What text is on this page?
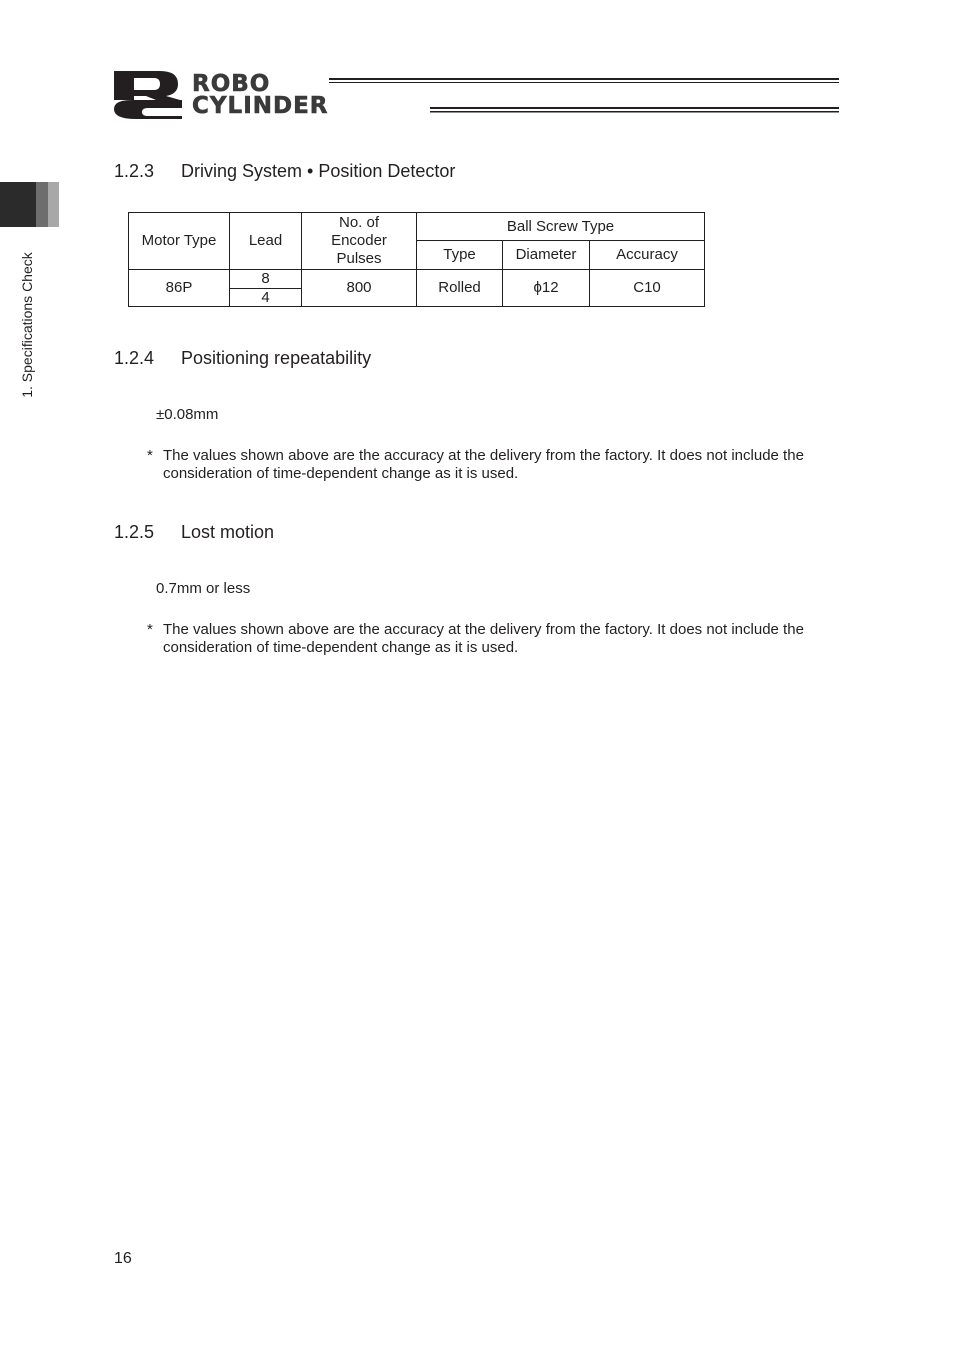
ROBO
CYLINDER
1. Specifications Check
1.2.3 Driving System • Position Detector
Motor Type	Lead	No. of Encoder Pulses	Ball Screw Type		
			Type	Diameter	Accuracy
86P	8	800	Rolled	ϕ12	C10
	4				
1.2.4 Positioning repeatability
±0.08mm
* The values shown above are the accuracy at the delivery from the factory. It does not include the consideration of time-dependent change as it is used.
1.2.5 Lost motion
0.7mm or less
* The values shown above are the accuracy at the delivery from the factory. It does not include the consideration of time-dependent change as it is used.
16
